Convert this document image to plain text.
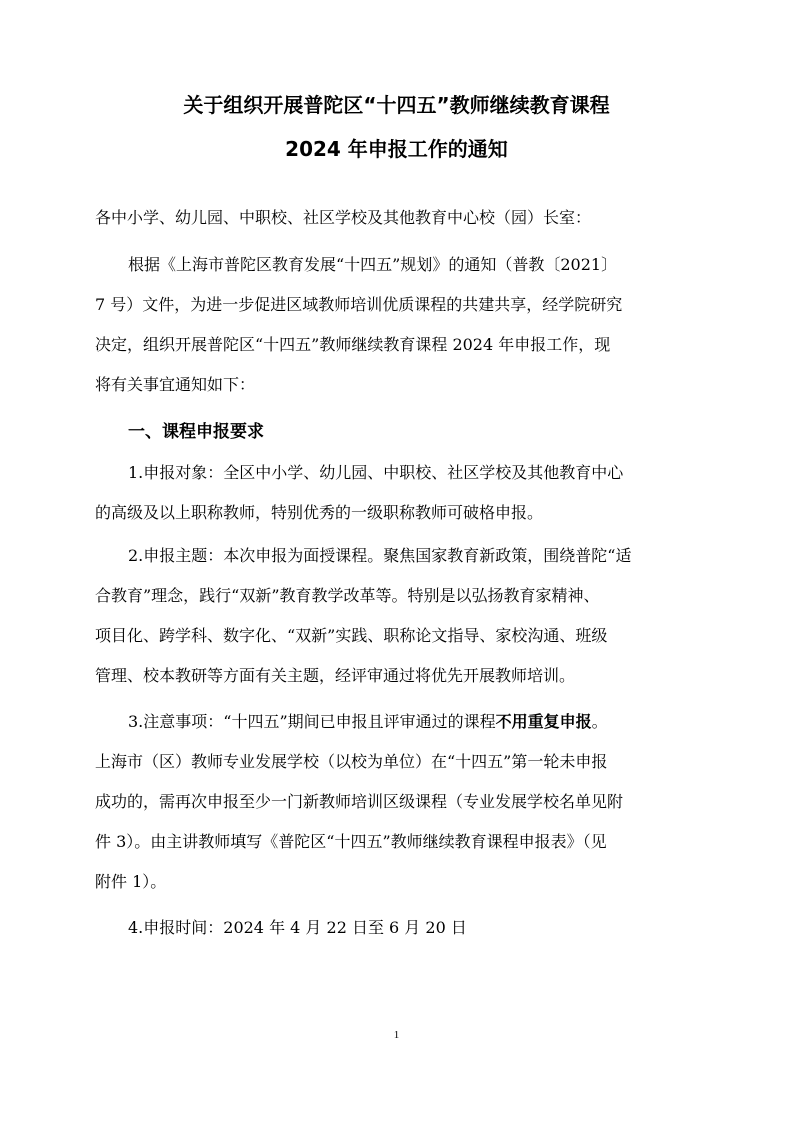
关于组织开展普陀区“十四五”教师继续教育课程
2024 年申报工作的通知
各中小学、幼儿园、中职校、社区学校及其他教育中心校（园）长室：
根据《上海市普陀区教育发展“十四五”规划》的通知（普教〔2021〕
7 号）文件，为进一步促进区域教师培训优质课程的共建共享，经学院研究
决定，组织开展普陀区“十四五”教师继续教育课程 2024 年申报工作，现
将有关事宜通知如下：
一、课程申报要求
1.申报对象：全区中小学、幼儿园、中职校、社区学校及其他教育中心
的高级及以上职称教师，特别优秀的一级职称教师可破格申报。
2.申报主题：本次申报为面授课程。聚焦国家教育新政策，围绕普陀“适
合教育”理念，践行“双新”教育教学改革等。特别是以弘扬教育家精神、
项目化、跨学科、数字化、“双新”实践、职称论文指导、家校沟通、班级
管理、校本教研等方面有关主题，经评审通过将优先开展教师培训。
3.注意事项：“十四五”期间已申报且评审通过的课程不用重复申报。
上海市（区）教师专业发展学校（以校为单位）在“十四五”第一轮未申报
成功的，需再次申报至少一门新教师培训区级课程（专业发展学校名单见附
件 3）。由主讲教师填写《普陀区“十四五”教师继续教育课程申报表》（见
附件 1）。
4.申报时间：2024 年 4 月 22 日至 6 月 20 日
1
